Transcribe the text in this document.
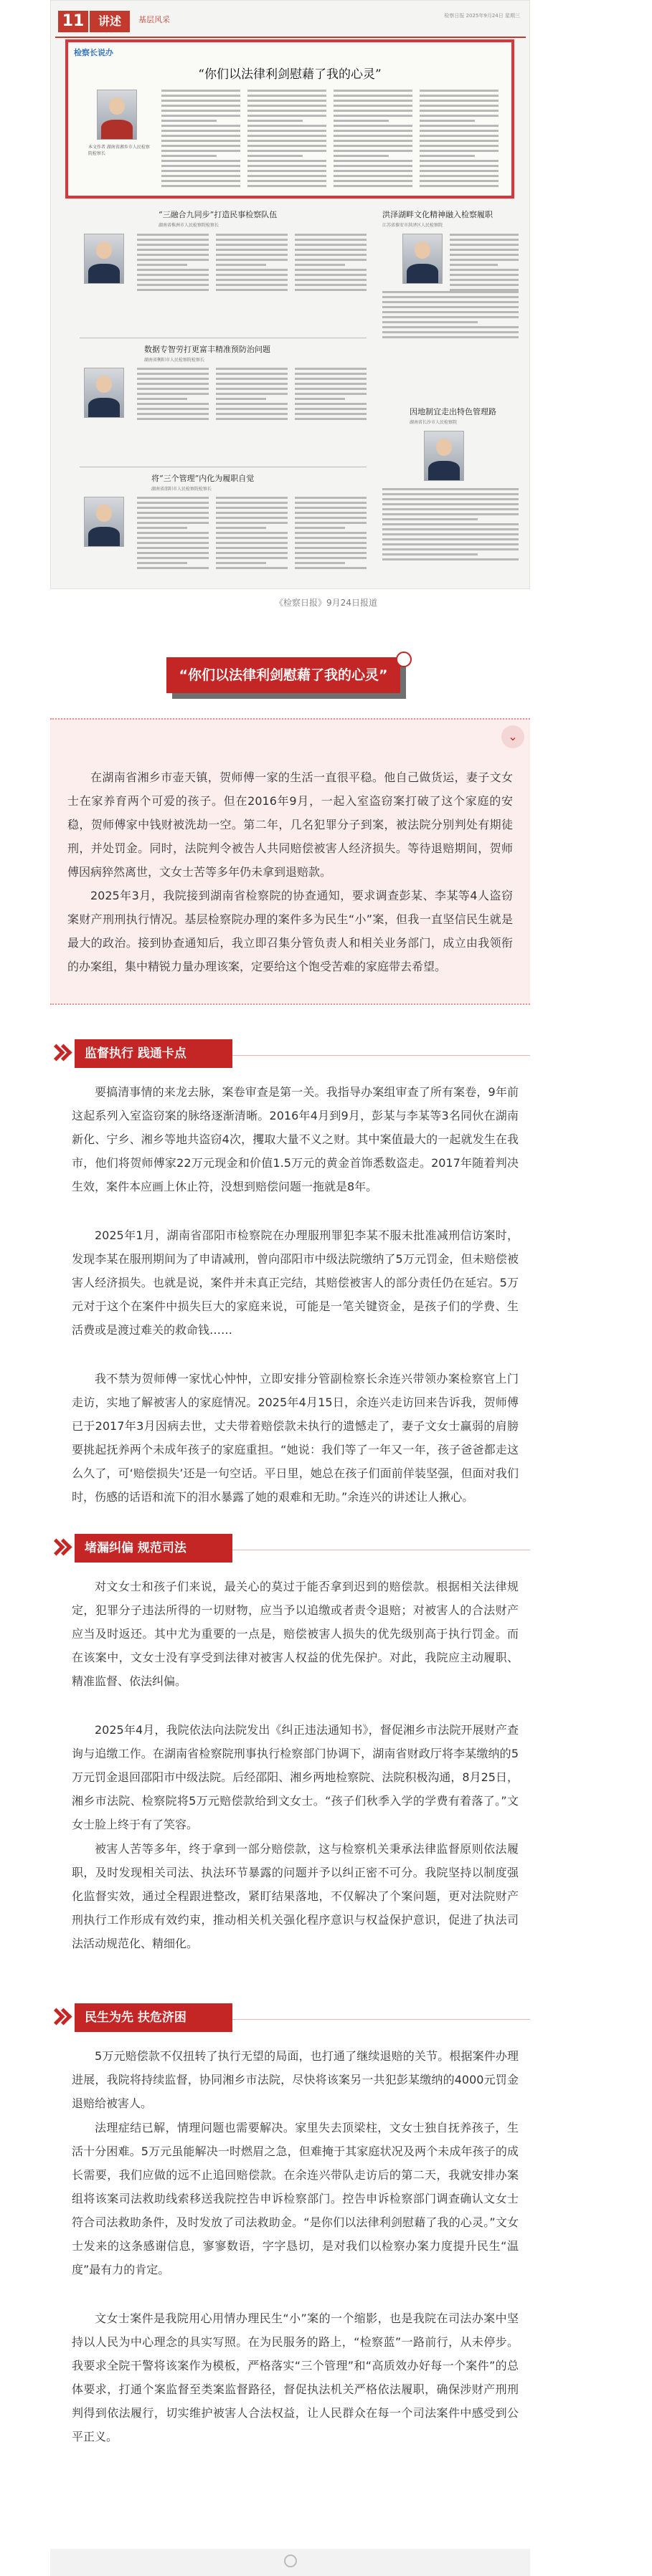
11	讲述	基层风采	检察日报 2025年9月24日 星期三
检察长说办
“你们以法律利剑慰藉了我的心灵”
本文作者 湖南省湘乡市人民检察院检察长
“三融合九同步”打造民事检察队伍
湖南省株洲市人民检察院检察长
洪泽湖畔文化精神融入检察履职
江苏省淮安市洪泽区人民检察院
数据专智劳打更富丰精准预防治问题
湖南省衡阳市人民检察院检察长
因地制宜走出特色管理路
湖南省长沙市人民检察院
将“三个管理”内化为履职自觉
湖南省邵阳市人民检察院检察长
《检察日报》9月24日报道
“你们以法律利剑慰藉了我的心灵”
⌄

在湖南省湘乡市壶天镇，贺师傅一家的生活一直很平稳。他自己做货运，妻子文女士在家养育两个可爱的孩子。但在2016年9月，一起入室盗窃案打破了这个家庭的安稳，贺师傅家中钱财被洗劫一空。第二年，几名犯罪分子到案，被法院分别判处有期徒刑，并处罚金。同时，法院判令被告人共同赔偿被害人经济损失。等待退赔期间，贺师傅因病猝然离世，文女士苦等多年仍未拿到退赔款。

2025年3月，我院接到湖南省检察院的协查通知，要求调查彭某、李某等4人盗窃案财产刑刑执行情况。基层检察院办理的案件多为民生“小”案，但我一直坚信民生就是最大的政治。接到协查通知后，我立即召集分管负责人和相关业务部门，成立由我领衔的办案组，集中精锐力量办理该案，定要给这个饱受苦难的家庭带去希望。

监督执行 践通卡点

要搞清事情的来龙去脉，案卷审查是第一关。我指导办案组审查了所有案卷，9年前这起系列入室盗窃案的脉络逐渐清晰。2016年4月到9月，彭某与李某等3名同伙在湖南新化、宁乡、湘乡等地共盗窃4次，攫取大量不义之财。其中案值最大的一起就发生在我市，他们将贺师傅家22万元现金和价值1.5万元的黄金首饰悉数盗走。2017年随着判决生效，案件本应画上休止符，没想到赔偿问题一拖就是8年。

2025年1月，湖南省邵阳市检察院在办理服刑罪犯李某不服未批准减刑信访案时，发现李某在服刑期间为了申请减刑，曾向邵阳市中级法院缴纳了5万元罚金，但未赔偿被害人经济损失。也就是说，案件并未真正完结，其赔偿被害人的部分责任仍在延宕。5万元对于这个在案件中损失巨大的家庭来说，可能是一笔关键资金，是孩子们的学费、生活费或是渡过难关的救命钱……

我不禁为贺师傅一家忧心忡忡，立即安排分管副检察长余连兴带领办案检察官上门走访，实地了解被害人的家庭情况。2025年4月15日，余连兴走访回来告诉我，贺师傅已于2017年3月因病去世，丈夫带着赔偿款未执行的遗憾走了，妻子文女士赢弱的肩膀要挑起抚养两个未成年孩子的家庭重担。“她说：我们等了一年又一年，孩子爸爸都走这么久了，可‘赔偿损失’还是一句空话。平日里，她总在孩子们面前佯装坚强，但面对我们时，伤感的话语和流下的泪水暴露了她的艰难和无助。”余连兴的讲述让人揪心。

堵漏纠偏 规范司法

对文女士和孩子们来说，最关心的莫过于能否拿到迟到的赔偿款。根据相关法律规定，犯罪分子违法所得的一切财物，应当予以追缴或者责令退赔；对被害人的合法财产应当及时返还。其中尤为重要的一点是，赔偿被害人损失的优先级别高于执行罚金。而在该案中，文女士没有享受到法律对被害人权益的优先保护。对此，我院应主动履职、精准监督、依法纠偏。

2025年4月，我院依法向法院发出《纠正违法通知书》，督促湘乡市法院开展财产查询与追缴工作。在湖南省检察院刑事执行检察部门协调下，湖南省财政厅将李某缴纳的5万元罚金退回邵阳市中级法院。后经邵阳、湘乡两地检察院、法院积极沟通，8月25日，湘乡市法院、检察院将5万元赔偿款给到文女士。“孩子们秋季入学的学费有着落了。”文女士脸上终于有了笑容。

被害人苦等多年，终于拿到一部分赔偿款，这与检察机关秉承法律监督原则依法履职，及时发现相关司法、执法环节暴露的问题并予以纠正密不可分。我院坚持以制度强化监督实效，通过全程跟进整改，紧盯结果落地，不仅解决了个案问题，更对法院财产刑执行工作形成有效约束，推动相关机关强化程序意识与权益保护意识，促进了执法司法活动规范化、精细化。

民生为先 扶危济困

5万元赔偿款不仅扭转了执行无望的局面，也打通了继续退赔的关节。根据案件办理进展，我院将持续监督，协同湘乡市法院，尽快将该案另一共犯彭某缴纳的4000元罚金退赔给被害人。

法理症结已解，情理问题也需要解决。家里失去顶梁柱，文女士独自抚养孩子，生活十分困难。5万元虽能解决一时燃眉之急，但难掩于其家庭状况及两个未成年孩子的成长需要，我们应做的远不止追回赔偿款。在余连兴带队走访后的第二天，我就安排办案组将该案司法救助线索移送我院控告申诉检察部门。控告申诉检察部门调查确认文女士符合司法救助条件，及时发放了司法救助金。“是你们以法律利剑慰藉了我的心灵。”文女士发来的这条感谢信息，寥寥数语，字字恳切，是对我们以检察办案力度提升民生“温度”最有力的肯定。

文女士案件是我院用心用情办理民生“小”案的一个缩影，也是我院在司法办案中坚持以人民为中心理念的具实写照。在为民服务的路上，“检察蓝”一路前行，从未停步。我要求全院干警将该案作为模板，严格落实“三个管理”和“高质效办好每一个案件”的总体要求，打通个案监督至类案监督路径，督促执法机关严格依法履职，确保涉财产刑刑判得到依法履行，切实维护被害人合法权益，让人民群众在每一个司法案件中感受到公平正义。
